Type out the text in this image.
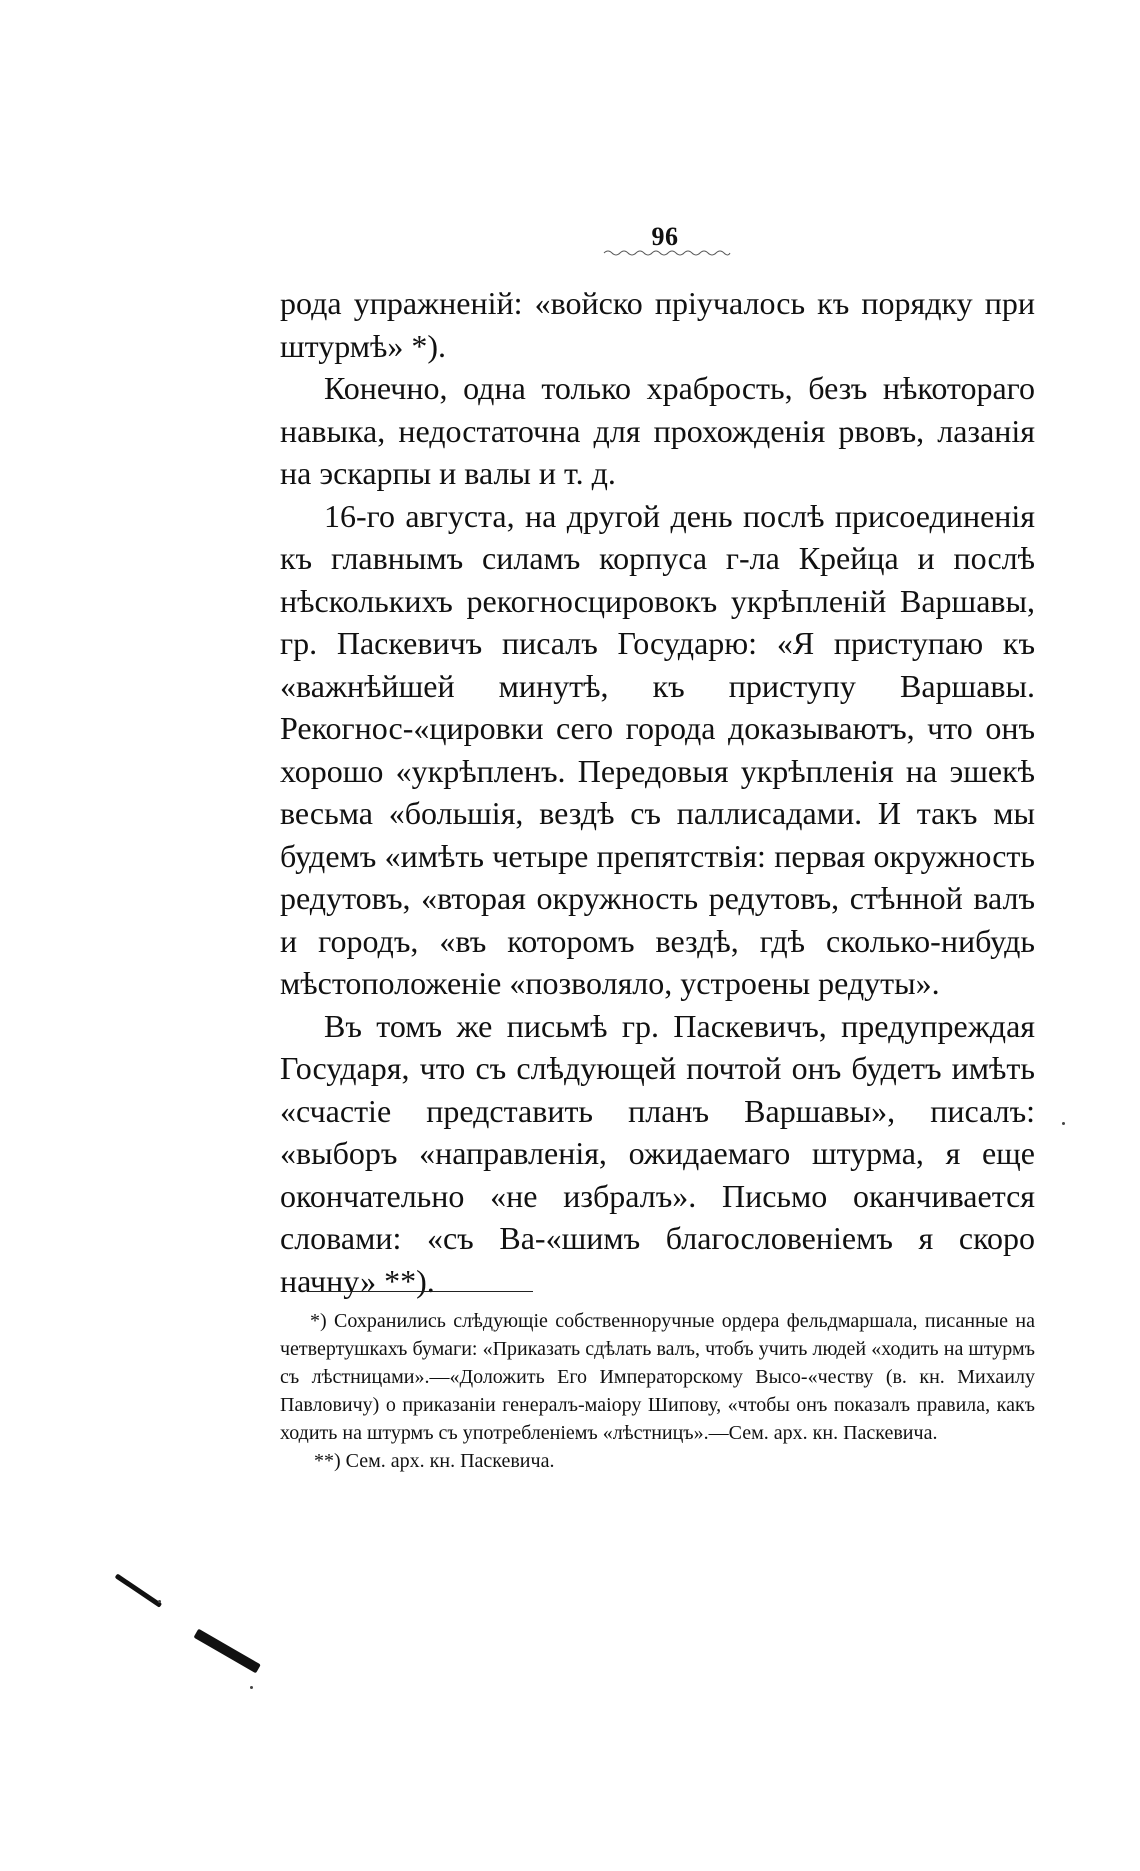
96

рода упражненій: «войско пріучалось къ порядку при штурмѣ» *).

Конечно, одна только храбрость, безъ нѣкотораго навыка, недостаточна для прохожденія рвовъ, лазанія на эскарпы и валы и т. д.

16-го августа, на другой день послѣ присоединенія къ главнымъ силамъ корпуса г-ла Крейца и послѣ нѣсколькихъ рекогносцировокъ укрѣпленій Варшавы, гр. Паскевичъ писалъ Государю: «Я приступаю къ «важнѣйшей минутѣ, къ приступу Варшавы. Рекогнос-«цировки сего города доказываютъ, что онъ хорошо «укрѣпленъ. Передовыя укрѣпленія на эшекѣ весьма «большія, вездѣ съ паллисадами. И такъ мы будемъ «имѣть четыре препятствія: первая окружность редутовъ, «вторая окружность редутовъ, стѣнной валъ и городъ, «въ которомъ вездѣ, гдѣ сколько-нибудь мѣстоположеніе «позволяло, устроены редуты».

Въ томъ же письмѣ гр. Паскевичъ, предупреждая Государя, что съ слѣдующей почтой онъ будетъ имѣть «счастіе представить планъ Варшавы», писалъ: «выборъ «направленія, ожидаемаго штурма, я еще окончательно «не избралъ». Письмо оканчивается словами: «съ Ва-«шимъ благословеніемъ я скоро начну» **).

*) Сохранились слѣдующіе собственноручные ордера фельдмаршала, писанные на четвертушкахъ бумаги: «Приказать сдѣлать валъ, чтобъ учить людей «ходить на штурмъ съ лѣстницами».—«Доложить Его Императорскому Высо-«честву (в. кн. Михаилу Павловичу) о приказаніи генералъ-маіору Шипову, «чтобы онъ показалъ правила, какъ ходить на штурмъ съ употребленіемъ «лѣстницъ».—Сем. арх. кн. Паскевича.

**) Сем. арх. кн. Паскевича.
